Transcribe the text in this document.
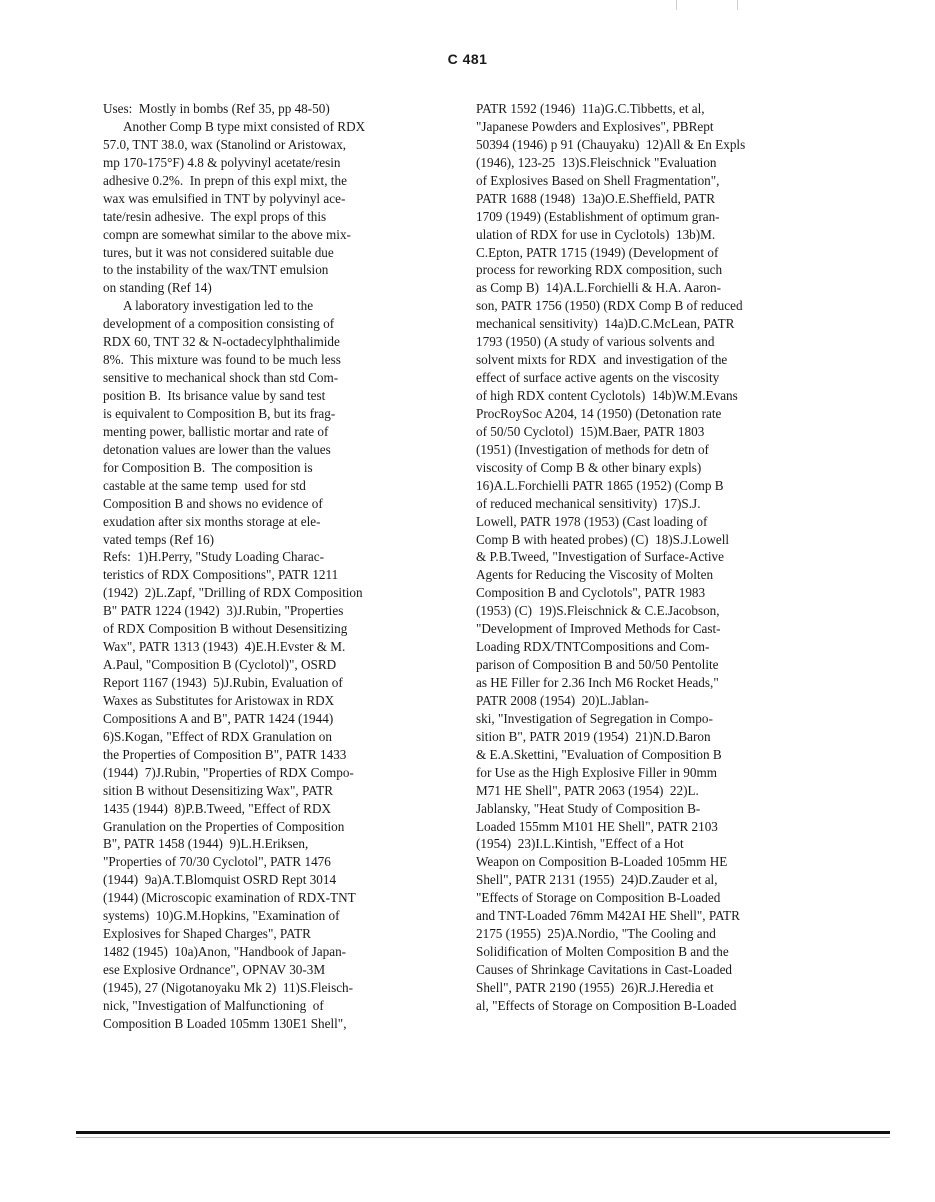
C 481
Uses:  Mostly in bombs (Ref 35, pp 48-50)
Another Comp B type mixt consisted of RDX
57.0, TNT 38.0, wax (Stanolind or Aristowax,
mp 170-175°F) 4.8 & polyvinyl acetate/resin
adhesive 0.2%.  In prepn of this expl mixt, the
wax was emulsified in TNT by polyvinyl ace-
tate/resin adhesive.  The expl props of this
compn are somewhat similar to the above mix-
tures, but it was not considered suitable due
to the instability of the wax/TNT emulsion
on standing (Ref 14)
A laboratory investigation led to the
development of a composition consisting of
RDX 60, TNT 32 & N-octadecylphthalimide
8%.  This mixture was found to be much less
sensitive to mechanical shock than std Com-
position B.  Its brisance value by sand test
is equivalent to Composition B, but its frag-
menting power, ballistic mortar and rate of
detonation values are lower than the values
for Composition B.  The composition is
castable at the same temp  used for std
Composition B and shows no evidence of
exudation after six months storage at ele-
vated temps (Ref 16)
Refs:  1)H.Perry, "Study Loading Charac-
teristics of RDX Compositions", PATR 1211
(1942)  2)L.Zapf, "Drilling of RDX Composition
B" PATR 1224 (1942)  3)J.Rubin, "Properties
of RDX Composition B without Desensitizing
Wax", PATR 1313 (1943)  4)E.H.Evster & M.
A.Paul, "Composition B (Cyclotol)", OSRD
Report 1167 (1943)  5)J.Rubin, Evaluation of
Waxes as Substitutes for Aristowax in RDX
Compositions A and B", PATR 1424 (1944)
6)S.Kogan, "Effect of RDX Granulation on
the Properties of Composition B", PATR 1433
(1944)  7)J.Rubin, "Properties of RDX Compo-
sition B without Desensitizing Wax", PATR
1435 (1944)  8)P.B.Tweed, "Effect of RDX
Granulation on the Properties of Composition
B", PATR 1458 (1944)  9)L.H.Eriksen,
"Properties of 70/30 Cyclotol", PATR 1476
(1944)  9a)A.T.Blomquist OSRD Rept 3014
(1944) (Microscopic examination of RDX-TNT
systems)  10)G.M.Hopkins, "Examination of
Explosives for Shaped Charges", PATR
1482 (1945)  10a)Anon, "Handbook of Japan-
ese Explosive Ordnance", OPNAV 30-3M
(1945), 27 (Nigotanoyaku Mk 2)  11)S.Fleisch-
nick, "Investigation of Malfunctioning  of
Composition B Loaded 105mm 130E1 Shell",
PATR 1592 (1946)  11a)G.C.Tibbetts, et al,
"Japanese Powders and Explosives", PBRept
50394 (1946) p 91 (Chauyaku)  12)All & En Expls
(1946), 123-25  13)S.Fleischnick "Evaluation
of Explosives Based on Shell Fragmentation",
PATR 1688 (1948)  13a)O.E.Sheffield, PATR
1709 (1949) (Establishment of optimum gran-
ulation of RDX for use in Cyclotols)  13b)M.
C.Epton, PATR 1715 (1949) (Development of
process for reworking RDX composition, such
as Comp B)  14)A.L.Forchielli & H.A. Aaron-
son, PATR 1756 (1950) (RDX Comp B of reduced
mechanical sensitivity)  14a)D.C.McLean, PATR
1793 (1950) (A study of various solvents and
solvent mixts for RDX  and investigation of the
effect of surface active agents on the viscosity
of high RDX content Cyclotols)  14b)W.M.Evans
ProcRoySoc A204, 14 (1950) (Detonation rate
of 50/50 Cyclotol)  15)M.Baer, PATR 1803
(1951) (Investigation of methods for detn of
viscosity of Comp B & other binary expls)
16)A.L.Forchielli PATR 1865 (1952) (Comp B
of reduced mechanical sensitivity)  17)S.J.
Lowell, PATR 1978 (1953) (Cast loading of
Comp B with heated probes) (C)  18)S.J.Lowell
& P.B.Tweed, "Investigation of Surface-Active
Agents for Reducing the Viscosity of Molten
Composition B and Cyclotols", PATR 1983
(1953) (C)  19)S.Fleischnick & C.E.Jacobson,
"Development of Improved Methods for Cast-
Loading RDX/TNTCompositions and Com-
parison of Composition B and 50/50 Pentolite
as HE Filler for 2.36 Inch M6 Rocket Heads,"
PATR 2008 (1954)  20)L.Jablan-
ski, "Investigation of Segregation in Compo-
sition B", PATR 2019 (1954)  21)N.D.Baron
& E.A.Skettini, "Evaluation of Composition B
for Use as the High Explosive Filler in 90mm
M71 HE Shell", PATR 2063 (1954)  22)L.
Jablansky, "Heat Study of Composition B-
Loaded 155mm M101 HE Shell", PATR 2103
(1954)  23)I.L.Kintish, "Effect of a Hot
Weapon on Composition B-Loaded 105mm HE
Shell", PATR 2131 (1955)  24)D.Zauder et al,
"Effects of Storage on Composition B-Loaded
and TNT-Loaded 76mm M42AI HE Shell", PATR
2175 (1955)  25)A.Nordio, "The Cooling and
Solidification of Molten Composition B and the
Causes of Shrinkage Cavitations in Cast-Loaded
Shell", PATR 2190 (1955)  26)R.J.Heredia et
al, "Effects of Storage on Composition B-Loaded
